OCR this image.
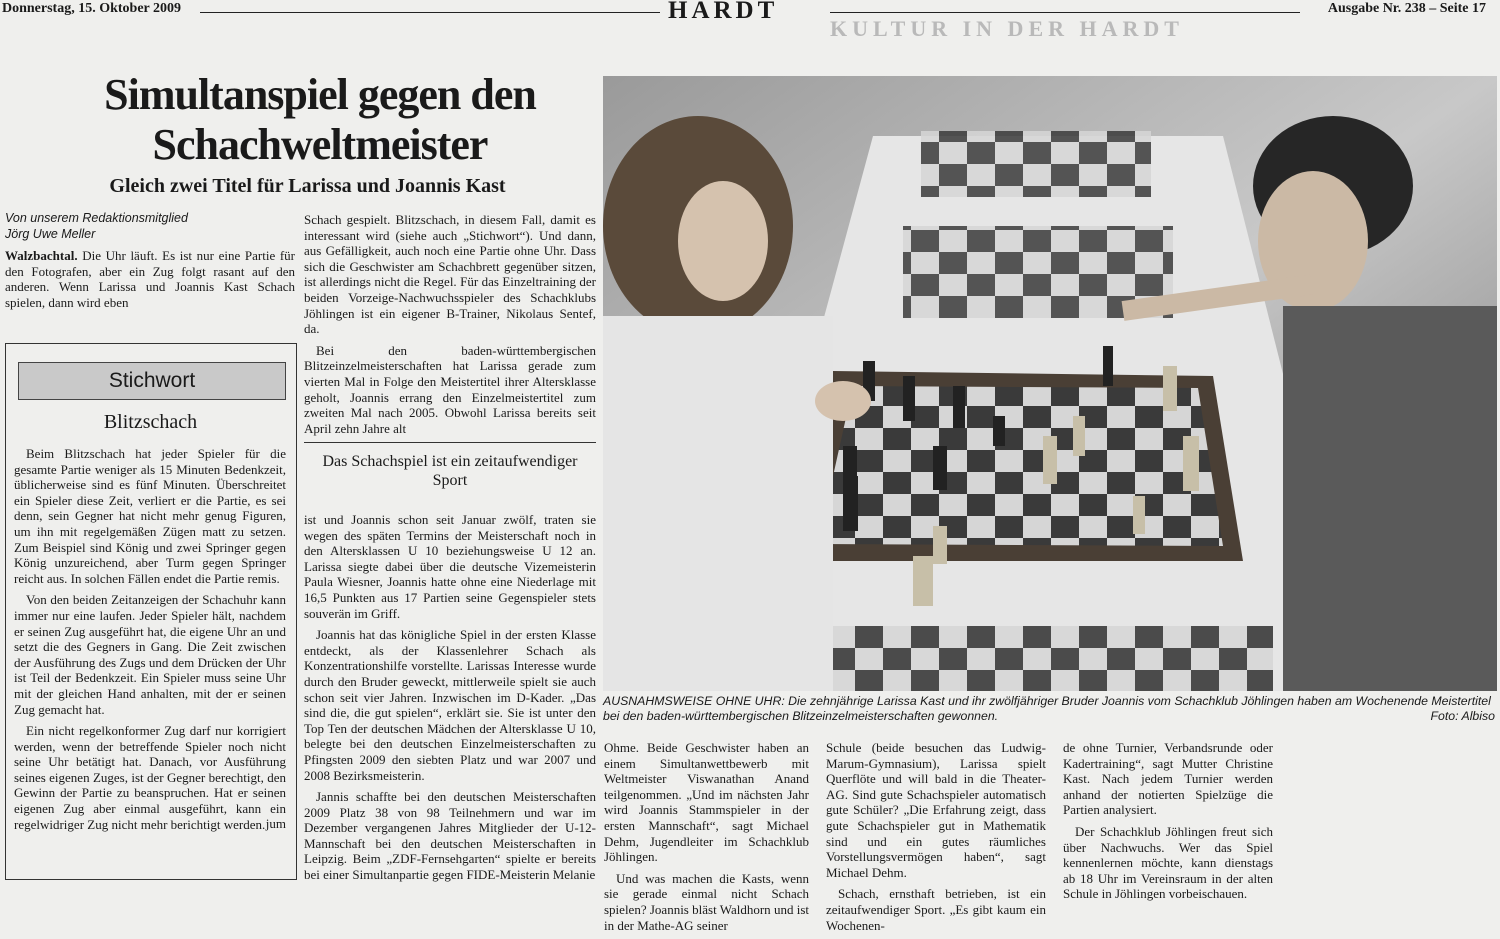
Donnerstag, 15. Oktober 2009	HARDT	Ausgabe Nr. 238 – Seite 17
KULTUR IN DER HARDT
Simultanspiel gegen den Schachweltmeister
Gleich zwei Titel für Larissa und Joannis Kast
Von unserem Redaktionsmitglied
Jörg Uwe Meller

Walzbachtal. Die Uhr läuft. Es ist nur eine Partie für den Fotografen, aber ein Zug folgt rasant auf den anderen. Wenn Larissa und Joannis Kast Schach spielen, dann wird eben

Stichwort
Blitzschach

Beim Blitzschach hat jeder Spieler für die gesamte Partie weniger als 15 Minuten Bedenkzeit, üblicherweise sind es fünf Minuten. Überschreitet ein Spieler diese Zeit, verliert er die Partie, es sei denn, sein Gegner hat nicht mehr genug Figuren, um ihn mit regelgemäßen Zügen matt zu setzen. Zum Beispiel sind König und zwei Springer gegen König unzureichend, aber Turm gegen Springer reicht aus. In solchen Fällen endet die Partie remis.

Von den beiden Zeitanzeigen der Schachuhr kann immer nur eine laufen. Jeder Spieler hält, nachdem er seinen Zug ausgeführt hat, die eigene Uhr an und setzt die des Gegners in Gang. Die Zeit zwischen der Ausführung des Zugs und dem Drücken der Uhr ist Teil der Bedenkzeit. Ein Spieler muss seine Uhr mit der gleichen Hand anhalten, mit der er seinen Zug gemacht hat.

Ein nicht regelkonformer Zug darf nur korrigiert werden, wenn der betreffende Spieler noch nicht seine Uhr betätigt hat. Danach, vor Ausführung seines eigenen Zuges, ist der Gegner berechtigt, den Gewinn der Partie zu beanspruchen. Hat er seinen eigenen Zug aber einmal ausgeführt, kann ein regelwidriger Zug nicht mehr berichtigt werden. jum

Schach gespielt. Blitzschach, in diesem Fall, damit es interessant wird (siehe auch „Stichwort“). Und dann, aus Gefälligkeit, auch noch eine Partie ohne Uhr. Dass sich die Geschwister am Schachbrett gegenüber sitzen, ist allerdings nicht die Regel. Für das Einzeltraining der beiden Vorzeige-Nachwuchsspieler des Schachklubs Jöhlingen ist ein eigener B-Trainer, Nikolaus Sentef, da.

Bei den baden-württembergischen Blitzeinzelmeisterschaften hat Larissa gerade zum vierten Mal in Folge den Meistertitel ihrer Altersklasse geholt, Joannis errang den Einzelmeistertitel zum zweiten Mal nach 2005. Obwohl Larissa bereits seit April zehn Jahre alt

Das Schachspiel ist ein zeitaufwendiger Sport

ist und Joannis schon seit Januar zwölf, traten sie wegen des späten Termins der Meisterschaft noch in den Altersklassen U 10 beziehungsweise U 12 an. Larissa siegte dabei über die deutsche Vizemeisterin Paula Wiesner, Joannis hatte ohne eine Niederlage mit 16,5 Punkten aus 17 Partien seine Gegenspieler stets souverän im Griff.

Joannis hat das königliche Spiel in der ersten Klasse entdeckt, als der Klassenlehrer Schach als Konzentrationshilfe vorstellte. Larissas Interesse wurde durch den Bruder geweckt, mittlerweile spielt sie auch schon seit vier Jahren. Inzwischen im D-Kader. „Das sind die, die gut spielen“, erklärt sie. Sie ist unter den Top Ten der deutschen Mädchen der Altersklasse U 10, belegte bei den deutschen Einzelmeisterschaften zu Pfingsten 2009 den siebten Platz und war 2007 und 2008 Bezirksmeisterin.

Jannis schaffte bei den deutschen Meisterschaften 2009 Platz 38 von 98 Teilnehmern und war im Dezember vergangenen Jahres Mitglieder der U-12-Mannschaft bei den deutschen Meisterschaften in Leipzig. Beim „ZDF-Fernsehgarten“ spielte er bereits bei einer Simultanpartie gegen FIDE-Meisterin Melanie

AUSNAHMSWEISE OHNE UHR: Die zehnjährige Larissa Kast und ihr zwölfjähriger Bruder Joannis vom Schachklub Jöhlingen haben am Wochenende Meistertitel bei den baden-württembergischen Blitzeinzelmeisterschaften gewonnen.	Foto: Albiso

Ohme. Beide Geschwister haben an einem Simultanwettbewerb mit Weltmeister Viswanathan Anand teilgenommen. „Und im nächsten Jahr wird Joannis Stammspieler in der ersten Mannschaft“, sagt Michael Dehm, Jugendleiter im Schachklub Jöhlingen.

Und was machen die Kasts, wenn sie gerade einmal nicht Schach spielen? Joannis bläst Waldhorn und ist in der Mathe-AG seiner

Schule (beide besuchen das Ludwig-Marum-Gymnasium), Larissa spielt Querflöte und will bald in die Theater-AG. Sind gute Schachspieler automatisch gute Schüler? „Die Erfahrung zeigt, dass gute Schachspieler gut in Mathematik sind und ein gutes räumliches Vorstellungsvermögen haben“, sagt Michael Dehm.

Schach, ernsthaft betrieben, ist ein zeitaufwendiger Sport. „Es gibt kaum ein Wochenen-

de ohne Turnier, Verbandsrunde oder Kadertraining“, sagt Mutter Christine Kast. Nach jedem Turnier werden anhand der notierten Spielzüge die Partien analysiert.

Der Schachklub Jöhlingen freut sich über Nachwuchs. Wer das Spiel kennenlernen möchte, kann dienstags ab 18 Uhr im Vereinsraum in der alten Schule in Jöhlingen vorbeischauen.
